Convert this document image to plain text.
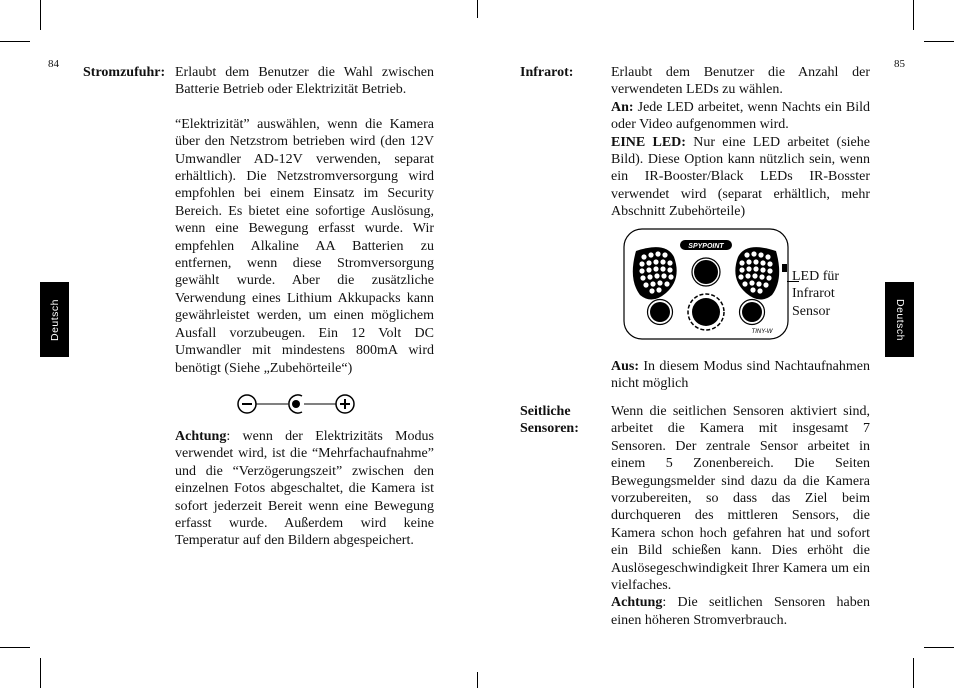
84	85
Deutsch	Deutsch
Stromzufuhr: Erlaubt dem Benutzer die Wahl zwischen Batterie Betrieb oder Elektrizität Betrieb.

“Elektrizität” auswählen, wenn die Kamera über den Netzstrom betrieben wird (den 12V Umwandler AD-12V verwenden, separat erhältlich). Die Netzstromversorgung wird empfohlen bei einem Einsatz im Security Bereich. Es bietet eine sofortige Auslösung, wenn eine Bewegung erfasst wurde. Wir empfehlen Alkaline AA Batterien zu entfernen, wenn diese Stromversorgung gewählt wurde. Aber die zusätzliche Verwendung eines Lithium Akkupacks kann gewährleistet werden, um einen möglichem Ausfall vorzubeugen. Ein 12 Volt DC Umwandler mit mindestens 800mA wird benötigt (Siehe „Zubehörteile“)

Achtung: wenn der Elektrizitäts Modus verwendet wird, ist die “Mehrfachaufnahme” und die “Verzögerungszeit” zwischen den einzelnen Fotos abgeschaltet, die Kamera ist sofort jederzeit Bereit wenn eine Bewegung erfasst wurde. Außerdem wird keine Temperatur auf den Bildern abgespeichert.

Infrarot:	Erlaubt dem Benutzer die Anzahl der verwendeten LEDs zu wählen.

An: Jede LED arbeitet, wenn Nachts ein Bild oder Video aufgenommen wird.

EINE LED: Nur eine LED arbeitet (siehe Bild). Diese Option kann nützlich sein, wenn ein IR-Booster/Black LEDs IR-Bosster verwendet wird (separat erhältlich, mehr Abschnitt Zubehörteile)

SPYPOINT
TINY-W
LED für
Infrarot
Sensor

Aus: In diesem Modus sind Nachtaufnahmen nicht möglich

Seitliche
Sensoren:

Wenn die seitlichen Sensoren aktiviert sind, arbeitet die Kamera mit insgesamt 7 Sensoren. Der zentrale Sensor arbeitet in einem 5 Zonenbereich. Die Seiten Bewegungsmelder sind dazu da die Kamera vorzubereiten, so dass das Ziel beim durchqueren des mittleren Sensors, die Kamera schon hoch gefahren hat und sofort ein Bild schießen kann. Dies erhöht die Auslösegeschwindigkeit Ihrer Kamera um ein vielfaches.

Achtung: Die seitlichen Sensoren haben einen höheren Stromverbrauch.
